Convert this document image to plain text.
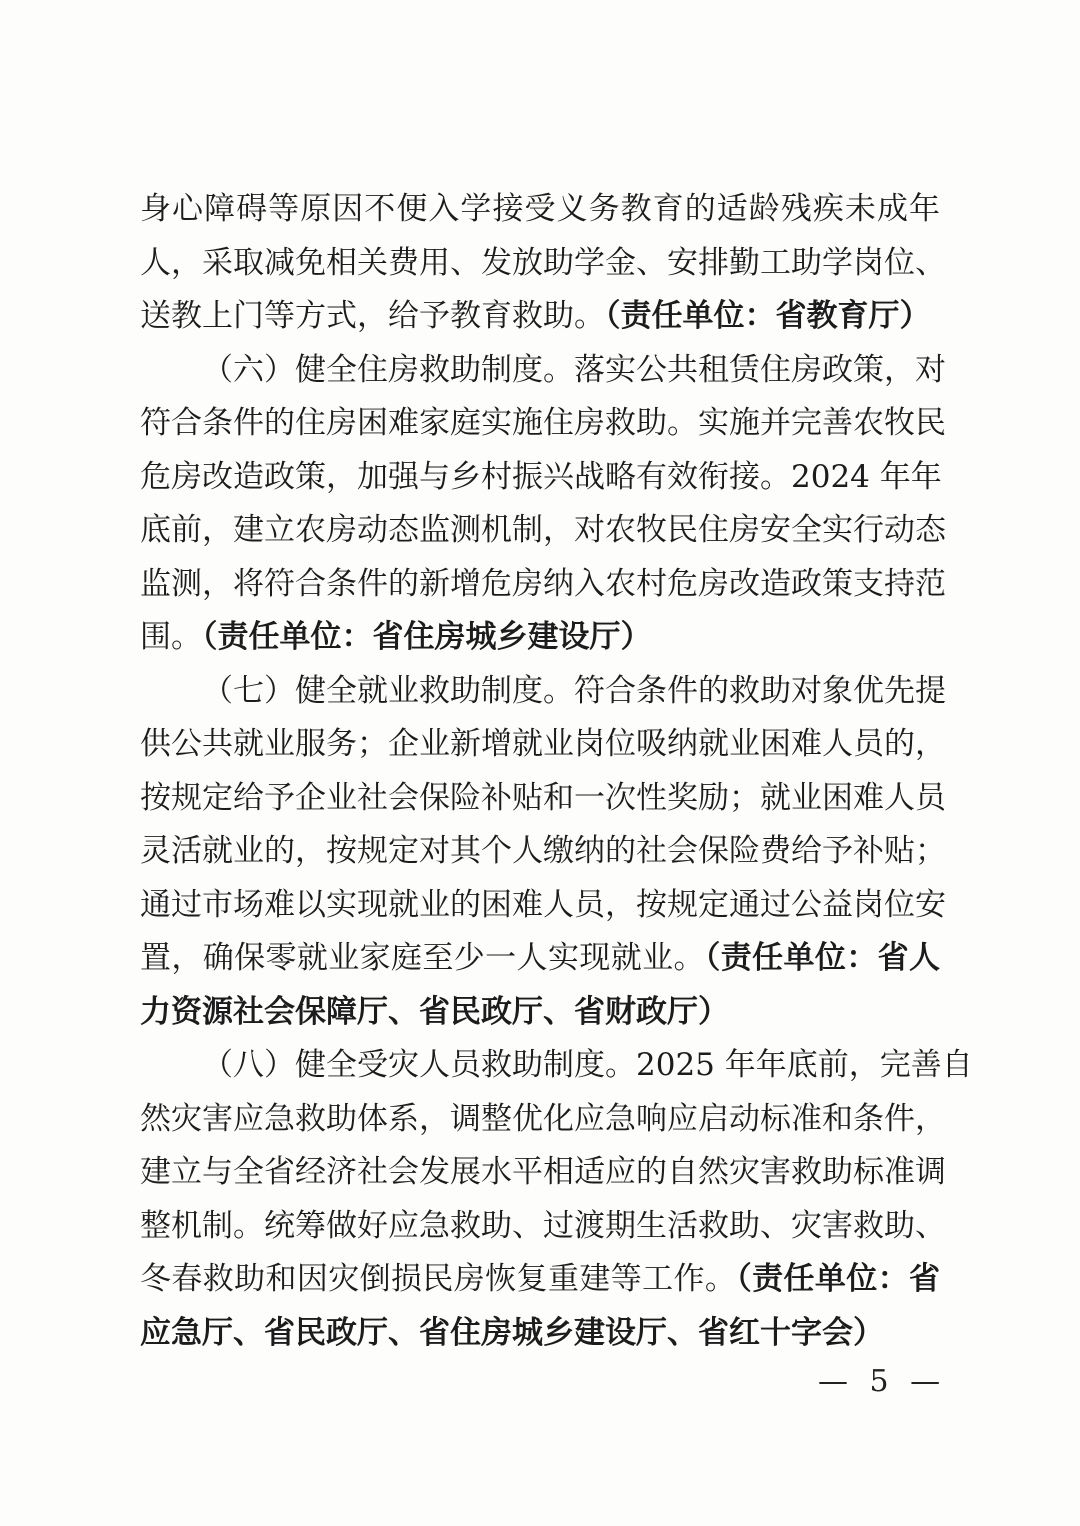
身心障碍等原因不便入学接受义务教育的适龄残疾未成年
人，采取减免相关费用、发放助学金、安排勤工助学岗位、
送教上门等方式，给予教育救助。（责任单位：省教育厅）
（六）健全住房救助制度。落实公共租赁住房政策，对
符合条件的住房困难家庭实施住房救助。实施并完善农牧民
危房改造政策，加强与乡村振兴战略有效衔接。2024 年年
底前，建立农房动态监测机制，对农牧民住房安全实行动态
监测，将符合条件的新增危房纳入农村危房改造政策支持范
围。（责任单位：省住房城乡建设厅）
（七）健全就业救助制度。符合条件的救助对象优先提
供公共就业服务；企业新增就业岗位吸纳就业困难人员的，
按规定给予企业社会保险补贴和一次性奖励；就业困难人员
灵活就业的，按规定对其个人缴纳的社会保险费给予补贴；
通过市场难以实现就业的困难人员，按规定通过公益岗位安
置，确保零就业家庭至少一人实现就业。（责任单位：省人
力资源社会保障厅、省民政厅、省财政厅）
（八）健全受灾人员救助制度。2025 年年底前，完善自
然灾害应急救助体系，调整优化应急响应启动标准和条件，
建立与全省经济社会发展水平相适应的自然灾害救助标准调
整机制。统筹做好应急救助、过渡期生活救助、灾害救助、
冬春救助和因灾倒损民房恢复重建等工作。（责任单位：省
应急厅、省民政厅、省住房城乡建设厅、省红十字会）
— 5 —
